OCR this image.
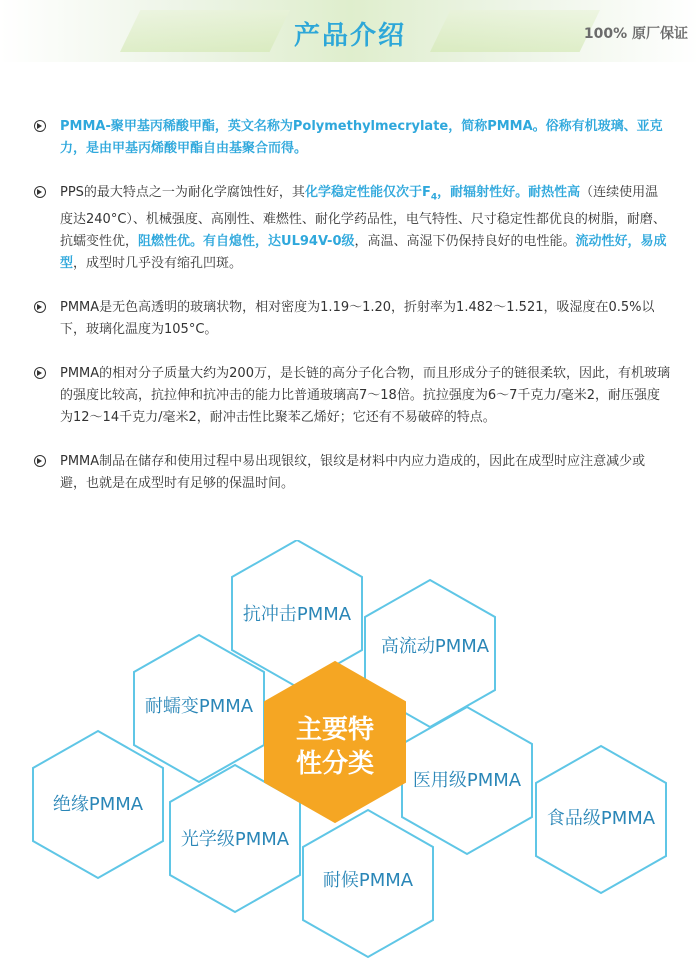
产品介绍	100% 原厂保证
PMMA-聚甲基丙稀酸甲酯，英文名称为Polymethylmecrylate，简称PMMA。俗称有机玻璃、亚克力，是由甲基丙烯酸甲酯自由基聚合而得。
PPS的最大特点之一为耐化学腐蚀性好，其化学稳定性能仅次于$F_4$，耐辐射性好。耐热性高（连续使用温度达240°C）、机械强度、高刚性、难燃性、耐化学药品性，电气特性、尺寸稳定性都优良的树脂，耐磨、抗蠕变性优，阻燃性优。有自熄性，达UL94V-0级，高温、高湿下仍保持良好的电性能。流动性好，易成型，成型时几乎没有缩孔凹斑。
PMMA是无色高透明的玻璃状物，相对密度为1.19～1.20，折射率为1.482～1.521，吸湿度在0.5%以下，玻璃化温度为105°C。
PMMA的相对分子质量大约为200万，是长链的高分子化合物，而且形成分子的链很柔软，因此，有机玻璃的强度比较高，抗拉伸和抗冲击的能力比普通玻璃高7～18倍。抗拉强度为6～7千克力/毫米2，耐压强度为12～14千克力/毫米2，耐冲击性比聚苯乙烯好；它还有不易破碎的特点。
PMMA制品在储存和使用过程中易出现银纹，银纹是材料中内应力造成的，因此在成型时应注意减少或避，也就是在成型时有足够的保温时间。
主要特
性分类
抗冲击PMMA
高流动PMMA
耐蠕变PMMA
医用级PMMA
绝缘PMMA
光学级PMMA
食品级PMMA
耐候PMMA
